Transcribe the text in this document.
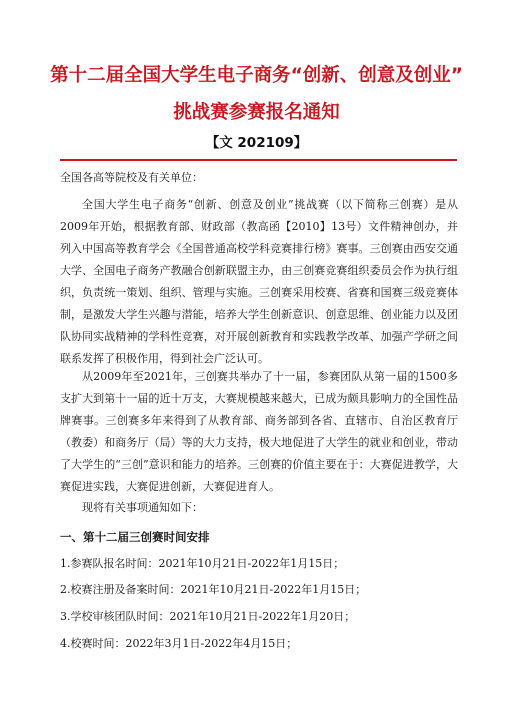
第十二届全国大学生电子商务“创新、创意及创业”
挑战赛参赛报名通知
【文 202109】
全国各高等院校及有关单位：
全国大学生电子商务“创新、创意及创业”挑战赛（以下简称三创赛）是从2009年开始，根据教育部、财政部（教高函【2010】13号）文件精神创办，并列入中国高等教育学会《全国普通高校学科竞赛排行榜》赛事。三创赛由西安交通大学、全国电子商务产教融合创新联盟主办，由三创赛竞赛组织委员会作为执行组织，负责统一策划、组织、管理与实施。三创赛采用校赛、省赛和国赛三级竞赛体制，是激发大学生兴趣与潜能，培养大学生创新意识、创意思维、创业能力以及团队协同实战精神的学科性竞赛，对开展创新教育和实践教学改革、加强产学研之间联系发挥了积极作用，得到社会广泛认可。
从2009年至2021年，三创赛共举办了十一届，参赛团队从第一届的1500多支扩大到第十一届的近十万支，大赛规模越来越大，已成为颇具影响力的全国性品牌赛事。三创赛多年来得到了从教育部、商务部到各省、直辖市、自治区教育厅（教委）和商务厅（局）等的大力支持，极大地促进了大学生的就业和创业，带动了大学生的“三创”意识和能力的培养。三创赛的价值主要在于：大赛促进教学，大赛促进实践，大赛促进创新，大赛促进育人。
现将有关事项通知如下：
一、第十二届三创赛时间安排
1.参赛队报名时间：2021年10月21日-2022年1月15日；
2.校赛注册及备案时间：2021年10月21日-2022年1月15日；
3.学校审核团队时间：2021年10月21日-2022年1月20日；
4.校赛时间：2022年3月1日-2022年4月15日；
